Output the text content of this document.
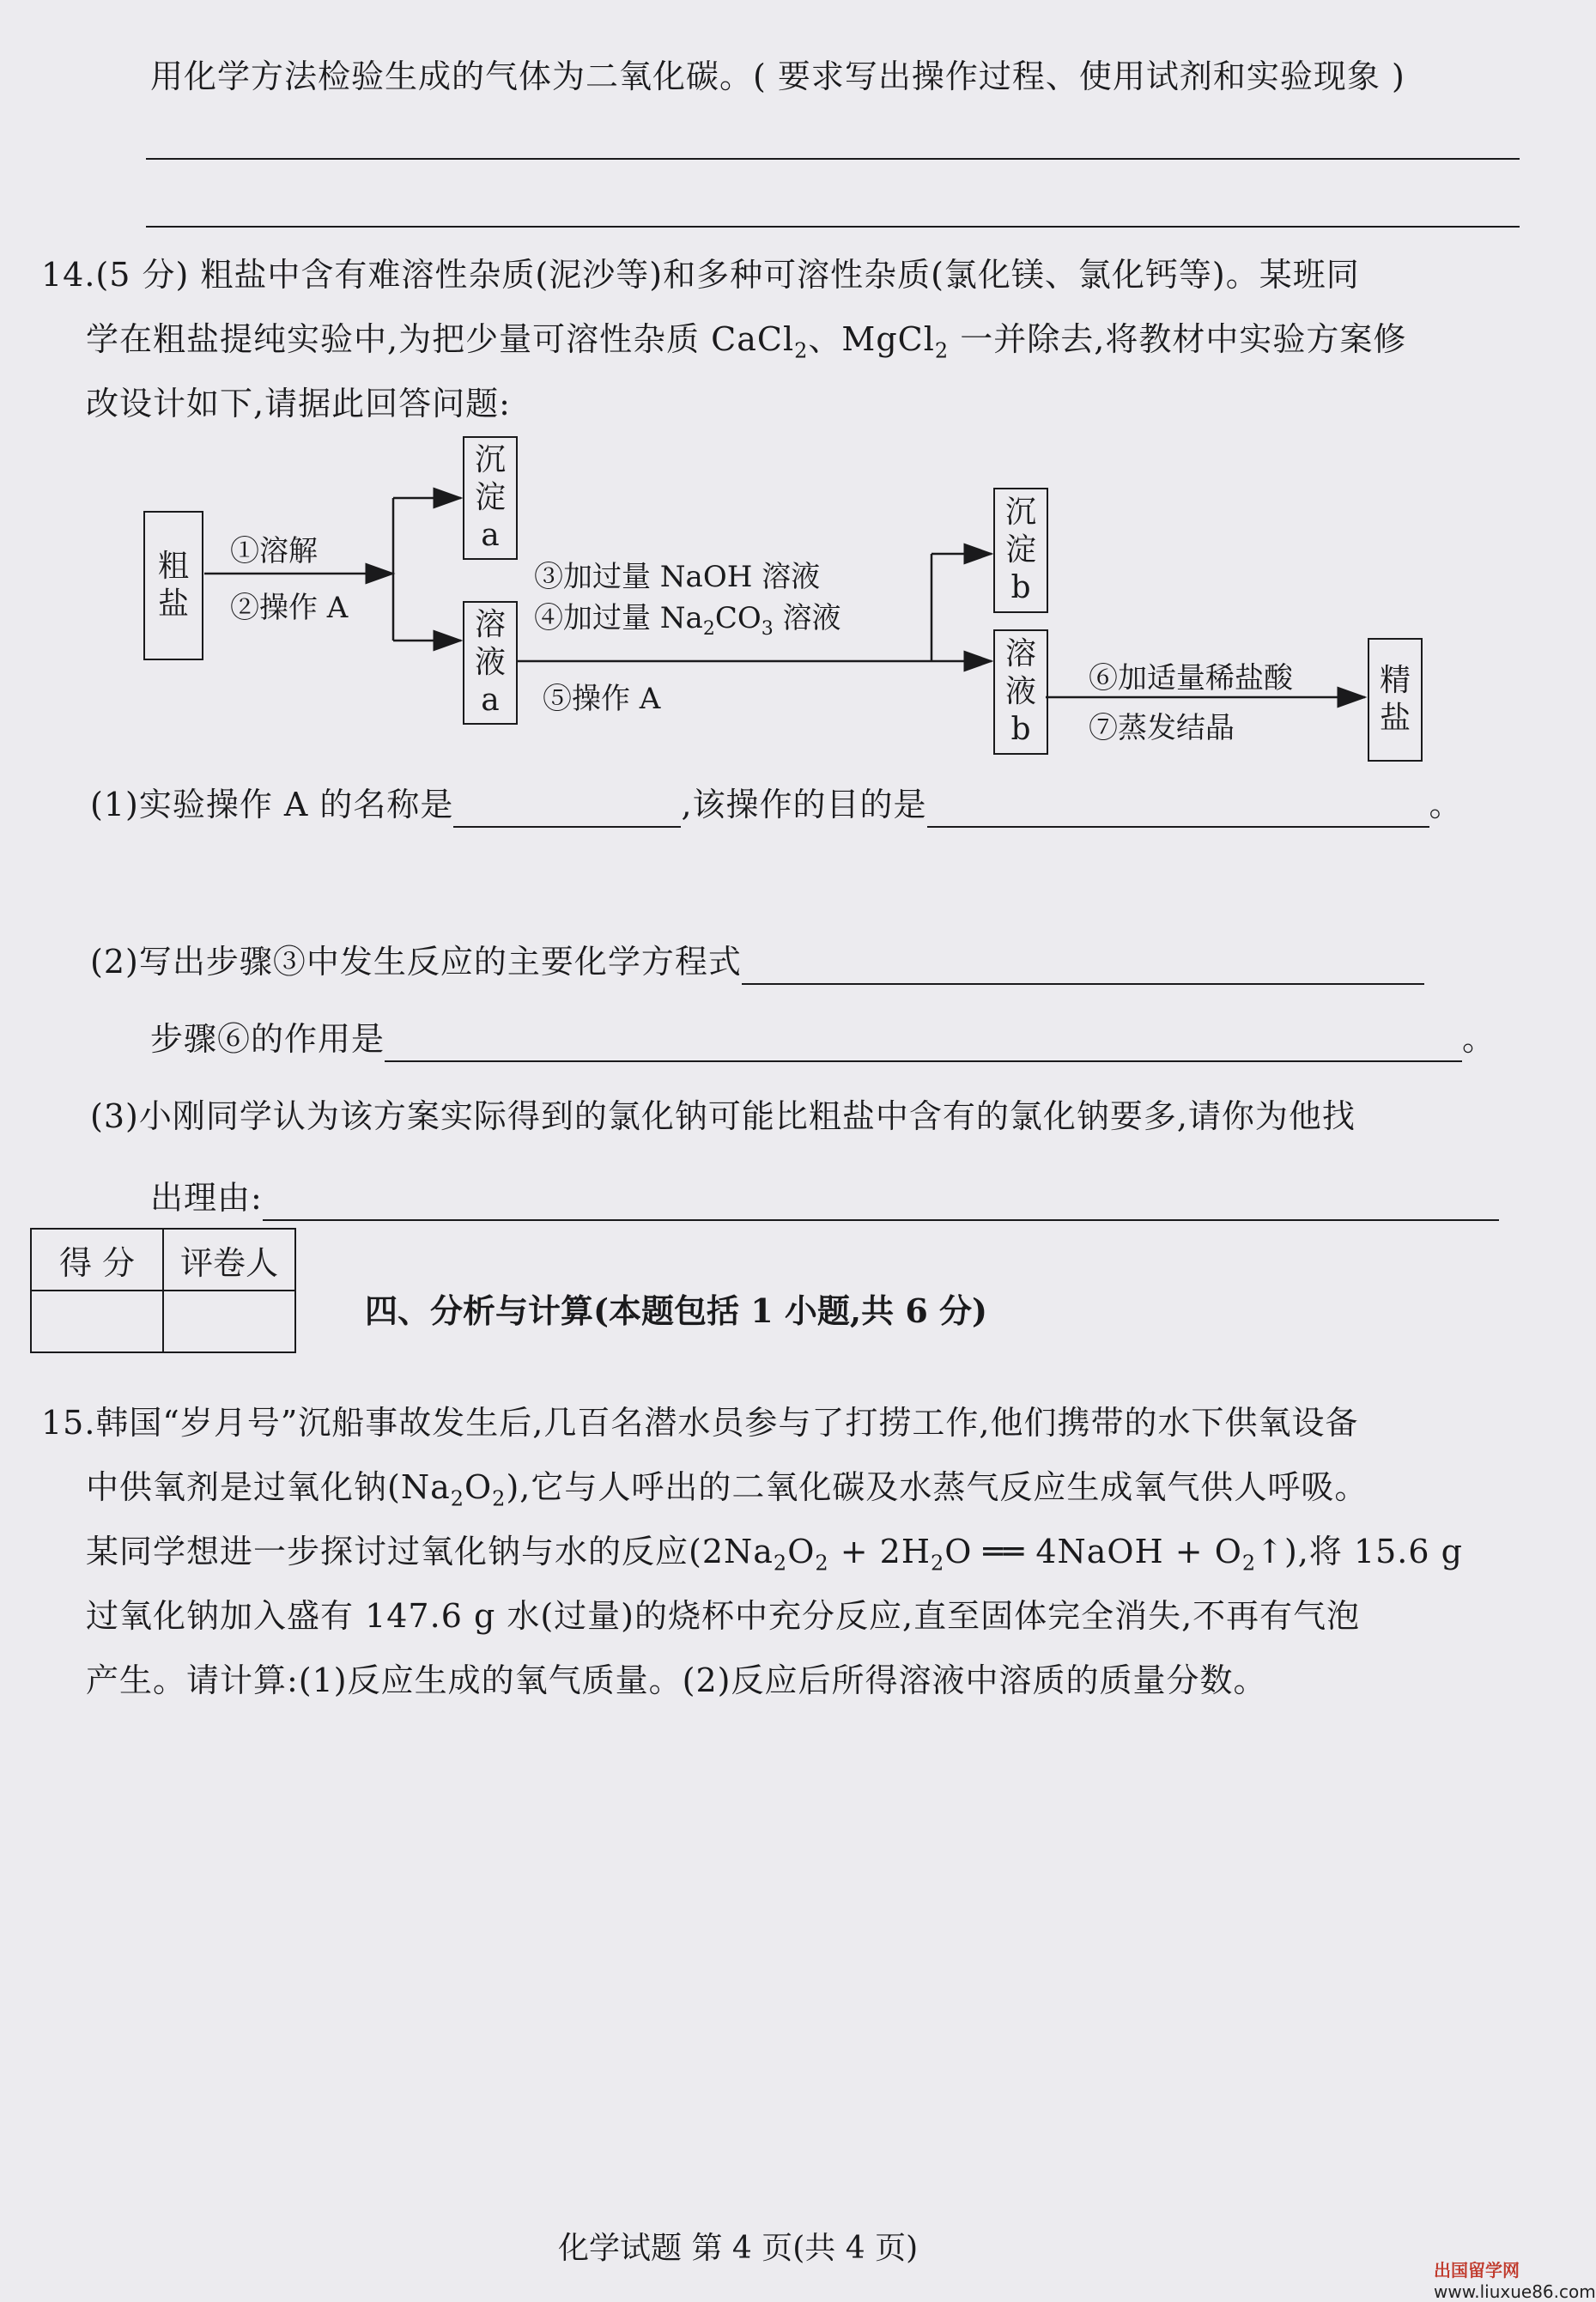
用化学方法检验生成的气体为二氧化碳。( 要求写出操作过程、使用试剂和实验现象 )
14.(5 分) 粗盐中含有难溶性杂质(泥沙等)和多种可溶性杂质(氯化镁、氯化钙等)。某班同
学在粗盐提纯实验中,为把少量可溶性杂质 CaCl$_2$、MgCl$_2$ 一并除去,将教材中实验方案修
改设计如下,请据此回答问题:
粗
盐
沉
淀
a
溶
液
a
沉
淀
b
溶
液
b
精
盐
①溶解
②操作 A
③加过量 NaOH 溶液
④加过量 $Na_2CO_3$ 溶液
⑤操作 A
⑥加适量稀盐酸
⑦蒸发结晶
(1)实验操作 A 的名称是	,该操作的目的是	。
(2)写出步骤③中发生反应的主要化学方程式
步骤⑥的作用是	。
(3)小刚同学认为该方案实际得到的氯化钠可能比粗盐中含有的氯化钠要多,请你为他找
出理由:
得 分	评卷人

四、分析与计算(本题包括 1 小题,共 6 分)
15.韩国“岁月号”沉船事故发生后,几百名潜水员参与了打捞工作,他们携带的水下供氧设备
中供氧剂是过氧化钠$(Na_2O_2)$,它与人呼出的二氧化碳及水蒸气反应生成氧气供人呼吸。
某同学想进一步探讨过氧化钠与水的反应($2Na_2O_2 + 2H_2O$ ══ 4NaOH + $O_2↑$),将 15.6 g
过氧化钠加入盛有 147.6 g 水(过量)的烧杯中充分反应,直至固体完全消失,不再有气泡
产生。请计算:(1)反应生成的氧气质量。(2)反应后所得溶液中溶质的质量分数。
化学试题 第 4 页(共 4 页)
出国留学网
www.liuxue86.com
